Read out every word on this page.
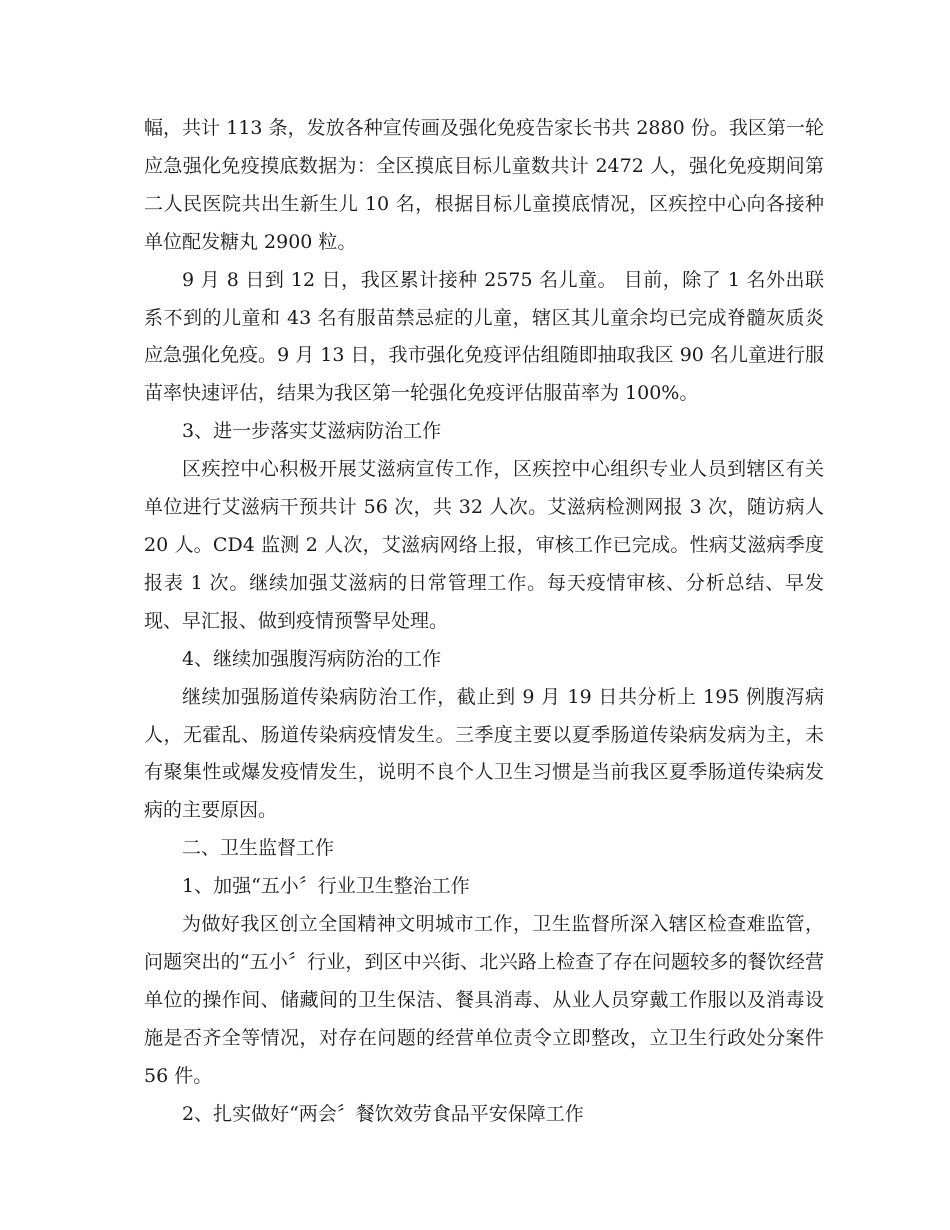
幅，共计 113 条，发放各种宣传画及强化免疫告家长书共 2880 份。我区第一轮应急强化免疫摸底数据为：全区摸底目标儿童数共计 2472 人，强化免疫期间第二人民医院共出生新生儿 10 名，根据目标儿童摸底情况，区疾控中心向各接种单位配发糖丸 2900 粒。

9 月 8 日到 12 日，我区累计接种 2575 名儿童。 目前，除了 1 名外出联系不到的儿童和 43 名有服苗禁忌症的儿童，辖区其儿童余均已完成脊髓灰质炎应急强化免疫。9 月 13 日，我市强化免疫评估组随即抽取我区 90 名儿童进行服苗率快速评估，结果为我区第一轮强化免疫评估服苗率为 100%。

3、进一步落实艾滋病防治工作

区疾控中心积极开展艾滋病宣传工作，区疾控中心组织专业人员到辖区有关单位进行艾滋病干预共计 56 次，共 32 人次。艾滋病检测网报 3 次，随访病人 20 人。CD4 监测 2 人次，艾滋病网络上报，审核工作已完成。性病艾滋病季度报表 1 次。继续加强艾滋病的日常管理工作。每天疫情审核、分析总结、早发现、早汇报、做到疫情预警早处理。

4、继续加强腹泻病防治的工作

继续加强肠道传染病防治工作，截止到 9 月 19 日共分析上 195 例腹泻病人，无霍乱、肠道传染病疫情发生。三季度主要以夏季肠道传染病发病为主，未有聚集性或爆发疫情发生，说明不良个人卫生习惯是当前我区夏季肠道传染病发病的主要原因。

二、卫生监督工作

1、加强“五小〞行业卫生整治工作

为做好我区创立全国精神文明城市工作，卫生监督所深入辖区检查难监管，问题突出的“五小〞行业，到区中兴街、北兴路上检查了存在问题较多的餐饮经营单位的操作间、储藏间的卫生保洁、餐具消毒、从业人员穿戴工作服以及消毒设施是否齐全等情况，对存在问题的经营单位责令立即整改，立卫生行政处分案件 56 件。

2、扎实做好“两会〞餐饮效劳食品平安保障工作
